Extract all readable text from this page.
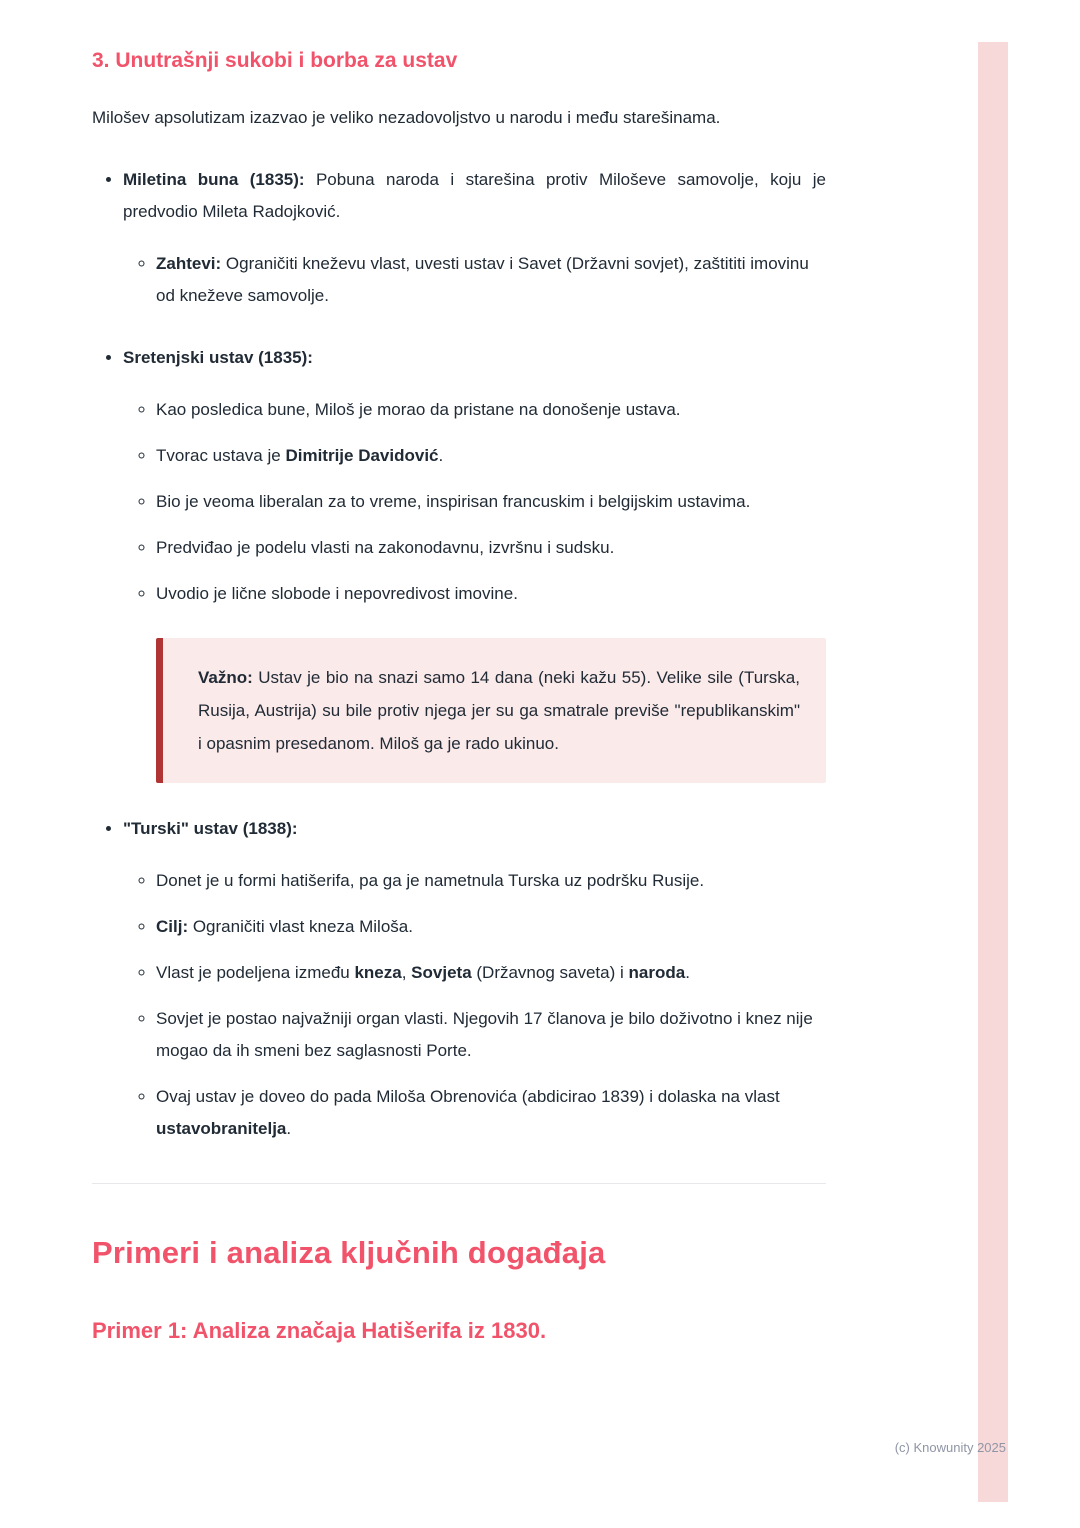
3. Unutrašnji sukobi i borba za ustav

Milošev apsolutizam izazvao je veliko nezadovoljstvo u narodu i među starešinama.

• Miletina buna (1835): Pobuna naroda i starešina protiv Miloševe samovolje, koju je predvodio Mileta Radojković.
◦ Zahtevi: Ograničiti kneževu vlast, uvesti ustav i Savet (Državni sovjet), zaštititi imovinu od kneževe samovolje.
• Sretenjski ustav (1835):
◦ Kao posledica bune, Miloš je morao da pristane na donošenje ustava.
◦ Tvorac ustava je Dimitrije Davidović.
◦ Bio je veoma liberalan za to vreme, inspirisan francuskim i belgijskim ustavima.
◦ Predviđao je podelu vlasti na zakonodavnu, izvršnu i sudsku.
◦ Uvodio je lične slobode i nepovredivost imovine.
Važno: Ustav je bio na snazi samo 14 dana (neki kažu 55). Velike sile (Turska, Rusija, Austrija) su bile protiv njega jer su ga smatrale previše "republikanskim" i opasnim presedanom. Miloš ga je rado ukinuo.
• "Turski" ustav (1838):
◦ Donet je u formi hatišerifa, pa ga je nametnula Turska uz podršku Rusije.
◦ Cilj: Ograničiti vlast kneza Miloša.
◦ Vlast je podeljena između kneza, Sovjeta (Državnog saveta) i naroda.
◦ Sovjet je postao najvažniji organ vlasti. Njegovih 17 članova je bilo doživotno i knez nije mogao da ih smeni bez saglasnosti Porte.
◦ Ovaj ustav je doveo do pada Miloša Obrenovića (abdicirao 1839) i dolaska na vlast ustavobranitelja.
Primeri i analiza ključnih događaja
Primer 1: Analiza značaja Hatišerifa iz 1830.
(c) Knowunity 2025
